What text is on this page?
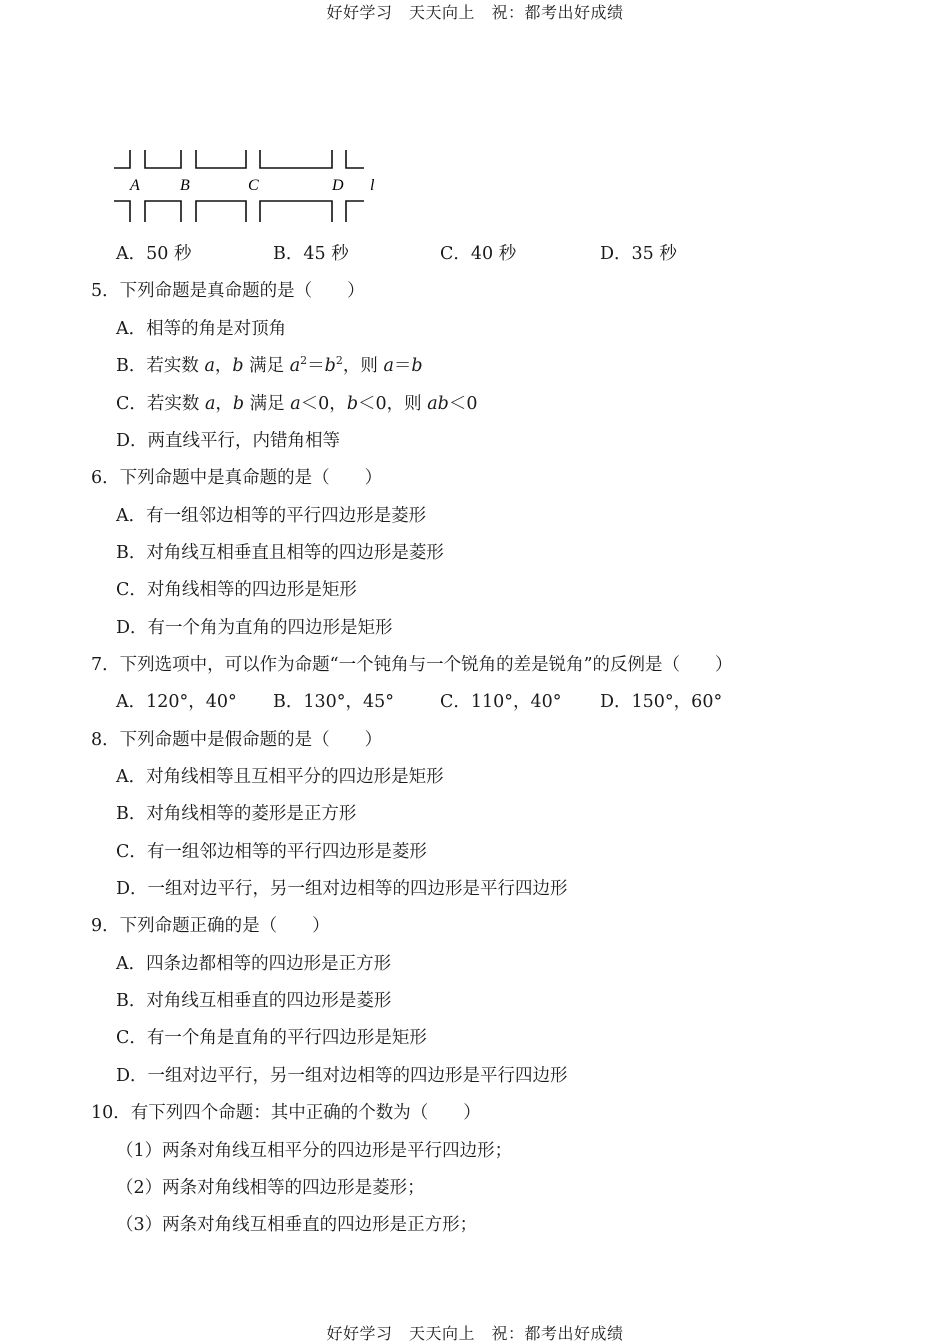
好好学习　天天向上　祝：都考出好成绩
A	B	C	D l
A．50 秒	B．45 秒	C．40 秒	D．35 秒
5．下列命题是真命题的是（　　）
A．相等的角是对顶角
B．若实数 a，b 满足 $a^2=b^2$，则 a＝b
C．若实数 a，b 满足 a＜0，b＜0，则 ab＜0
D．两直线平行，内错角相等
6．下列命题中是真命题的是（　　）
A．有一组邻边相等的平行四边形是菱形
B．对角线互相垂直且相等的四边形是菱形
C．对角线相等的四边形是矩形
D．有一个角为直角的四边形是矩形
7．下列选项中，可以作为命题“一个钝角与一个锐角的差是锐角”的反例是（　　）
A．120°，40° B．130°，45°	C．110°，40° D．150°，60°
8．下列命题中是假命题的是（　　）
A．对角线相等且互相平分的四边形是矩形
B．对角线相等的菱形是正方形
C．有一组邻边相等的平行四边形是菱形
D．一组对边平行，另一组对边相等的四边形是平行四边形
9．下列命题正确的是（　　）
A．四条边都相等的四边形是正方形
B．对角线互相垂直的四边形是菱形
C．有一个角是直角的平行四边形是矩形
D．一组对边平行，另一组对边相等的四边形是平行四边形
10．有下列四个命题：其中正确的个数为（　　）
（1）两条对角线互相平分的四边形是平行四边形；
（2）两条对角线相等的四边形是菱形；
（3）两条对角线互相垂直的四边形是正方形；
好好学习　天天向上　祝：都考出好成绩
